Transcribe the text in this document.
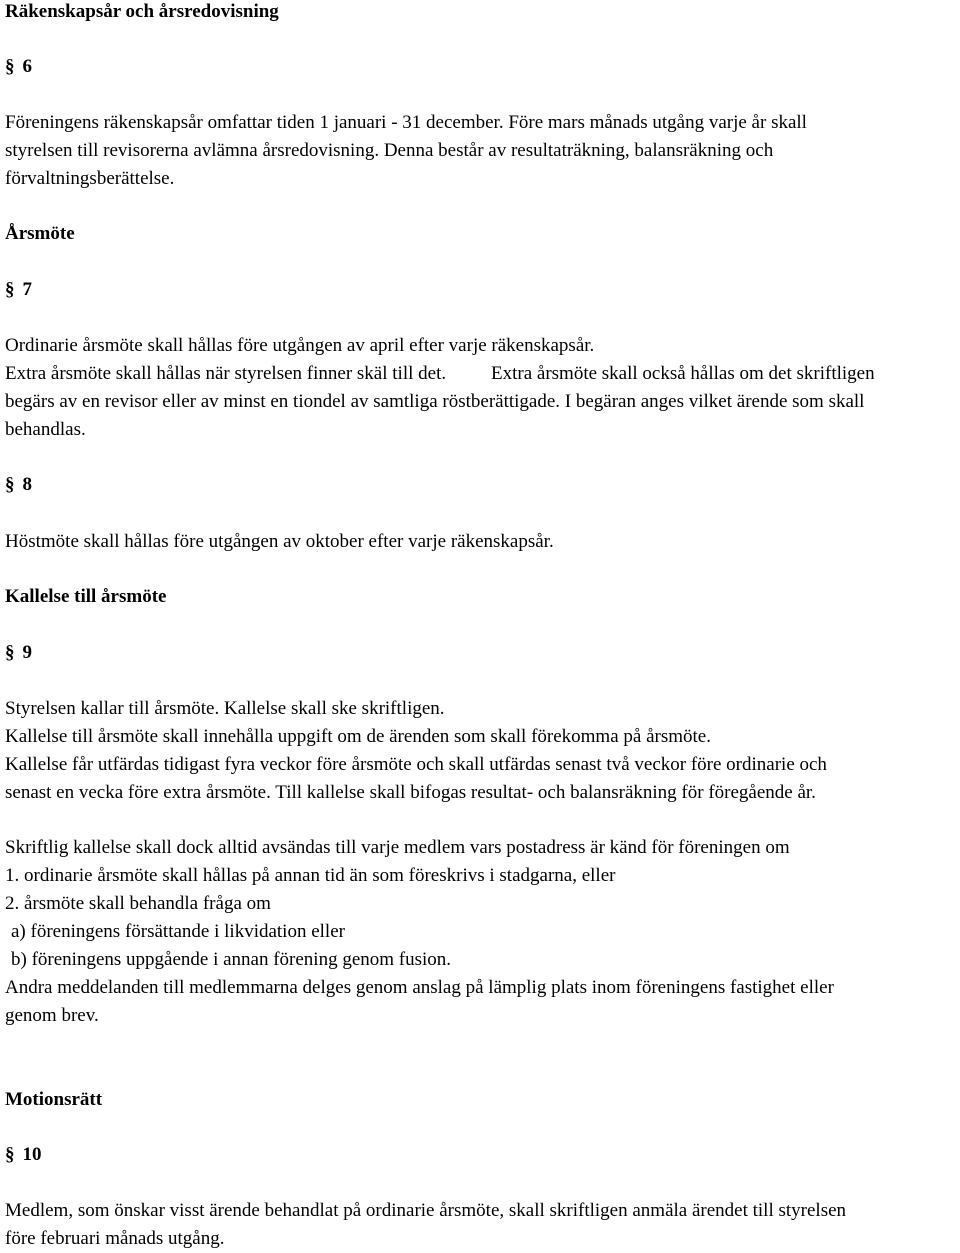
Räkenskapsår och årsredovisning
§ 6
Föreningens räkenskapsår omfattar tiden 1 januari - 31 december. Före mars månads utgång varje år skall
styrelsen till revisorerna avlämna årsredovisning. Denna består av resultaträkning, balansräkning och
förvaltningsberättelse.
Årsmöte
§ 7
Ordinarie årsmöte skall hållas före utgången av april efter varje räkenskapsår.
Extra årsmöte skall hållas när styrelsen finner skäl till det. Extra årsmöte skall också hållas om det skriftligen
begärs av en revisor eller av minst en tiondel av samtliga röstberättigade. I begäran anges vilket ärende som skall
behandlas.
§ 8
Höstmöte skall hållas före utgången av oktober efter varje räkenskapsår.
Kallelse till årsmöte
§ 9
Styrelsen kallar till årsmöte. Kallelse skall ske skriftligen.
Kallelse till årsmöte skall innehålla uppgift om de ärenden som skall förekomma på årsmöte.
Kallelse får utfärdas tidigast fyra veckor före årsmöte och skall utfärdas senast två veckor före ordinarie och
senast en vecka före extra årsmöte. Till kallelse skall bifogas resultat- och balansräkning för föregående år.
Skriftlig kallelse skall dock alltid avsändas till varje medlem vars postadress är känd för föreningen om
1. ordinarie årsmöte skall hållas på annan tid än som föreskrivs i stadgarna, eller
2. årsmöte skall behandla fråga om
a) föreningens försättande i likvidation eller
b) föreningens uppgående i annan förening genom fusion.
Andra meddelanden till medlemmarna delges genom anslag på lämplig plats inom föreningens fastighet eller
genom brev.
Motionsrätt
§ 10
Medlem, som önskar visst ärende behandlat på ordinarie årsmöte, skall skriftligen anmäla ärendet till styrelsen
före februari månads utgång.
